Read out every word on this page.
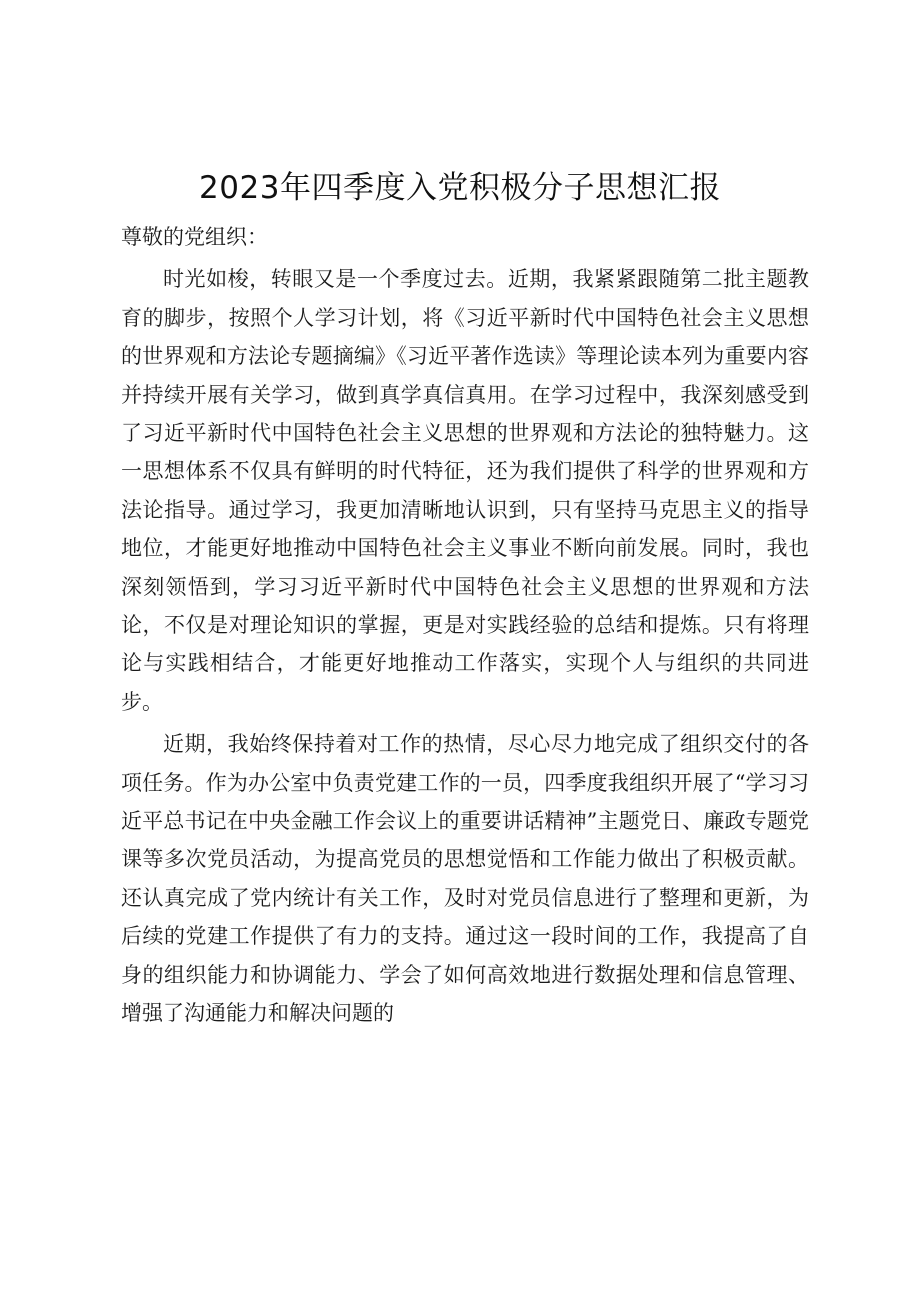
2023年四季度入党积极分子思想汇报

尊敬的党组织：

时光如梭，转眼又是一个季度过去。近期，我紧紧跟随第二批主题教育的脚步，按照个人学习计划，将《习近平新时代中国特色社会主义思想的世界观和方法论专题摘编》《习近平著作选读》等理论读本列为重要内容并持续开展有关学习，做到真学真信真用。在学习过程中，我深刻感受到了习近平新时代中国特色社会主义思想的世界观和方法论的独特魅力。这一思想体系不仅具有鲜明的时代特征，还为我们提供了科学的世界观和方法论指导。通过学习，我更加清晰地认识到，只有坚持马克思主义的指导地位，才能更好地推动中国特色社会主义事业不断向前发展。同时，我也深刻领悟到，学习习近平新时代中国特色社会主义思想的世界观和方法论，不仅是对理论知识的掌握，更是对实践经验的总结和提炼。只有将理论与实践相结合，才能更好地推动工作落实，实现个人与组织的共同进步。

近期，我始终保持着对工作的热情，尽心尽力地完成了组织交付的各项任务。作为办公室中负责党建工作的一员，四季度我组织开展了“学习习近平总书记在中央金融工作会议上的重要讲话精神”主题党日、廉政专题党课等多次党员活动，为提高党员的思想觉悟和工作能力做出了积极贡献。还认真完成了党内统计有关工作，及时对党员信息进行了整理和更新，为后续的党建工作提供了有力的支持。通过这一段时间的工作，我提高了自身的组织能力和协调能力、学会了如何高效地进行数据处理和信息管理、增强了沟通能力和解决问题的
